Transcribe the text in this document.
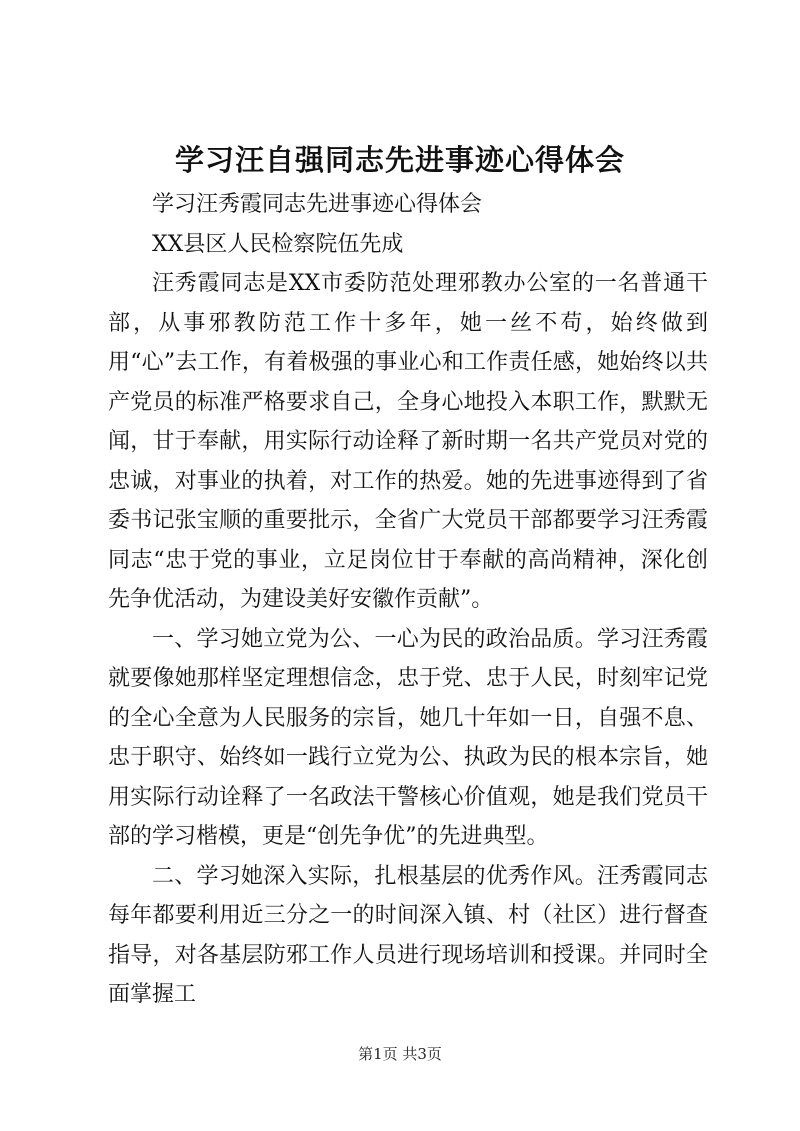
学习汪自强同志先进事迹心得体会

学习汪秀霞同志先进事迹心得体会

XX县区人民检察院伍先成

汪秀霞同志是XX市委防范处理邪教办公室的一名普通干部，从事邪教防范工作十多年，她一丝不苟，始终做到用“心”去工作，有着极强的事业心和工作责任感，她始终以共产党员的标准严格要求自己，全身心地投入本职工作，默默无闻，甘于奉献，用实际行动诠释了新时期一名共产党员对党的忠诚，对事业的执着，对工作的热爱。她的先进事迹得到了省委书记张宝顺的重要批示，全省广大党员干部都要学习汪秀霞同志“忠于党的事业，立足岗位甘于奉献的高尚精神，深化创先争优活动，为建设美好安徽作贡献”。

一、学习她立党为公、一心为民的政治品质。学习汪秀霞就要像她那样坚定理想信念，忠于党、忠于人民，时刻牢记党的全心全意为人民服务的宗旨，她几十年如一日，自强不息、忠于职守、始终如一践行立党为公、执政为民的根本宗旨，她用实际行动诠释了一名政法干警核心价值观，她是我们党员干部的学习楷模，更是“创先争优”的先进典型。

二、学习她深入实际，扎根基层的优秀作风。汪秀霞同志每年都要利用近三分之一的时间深入镇、村（社区）进行督查指导，对各基层防邪工作人员进行现场培训和授课。并同时全面掌握工

第1页 共3页
